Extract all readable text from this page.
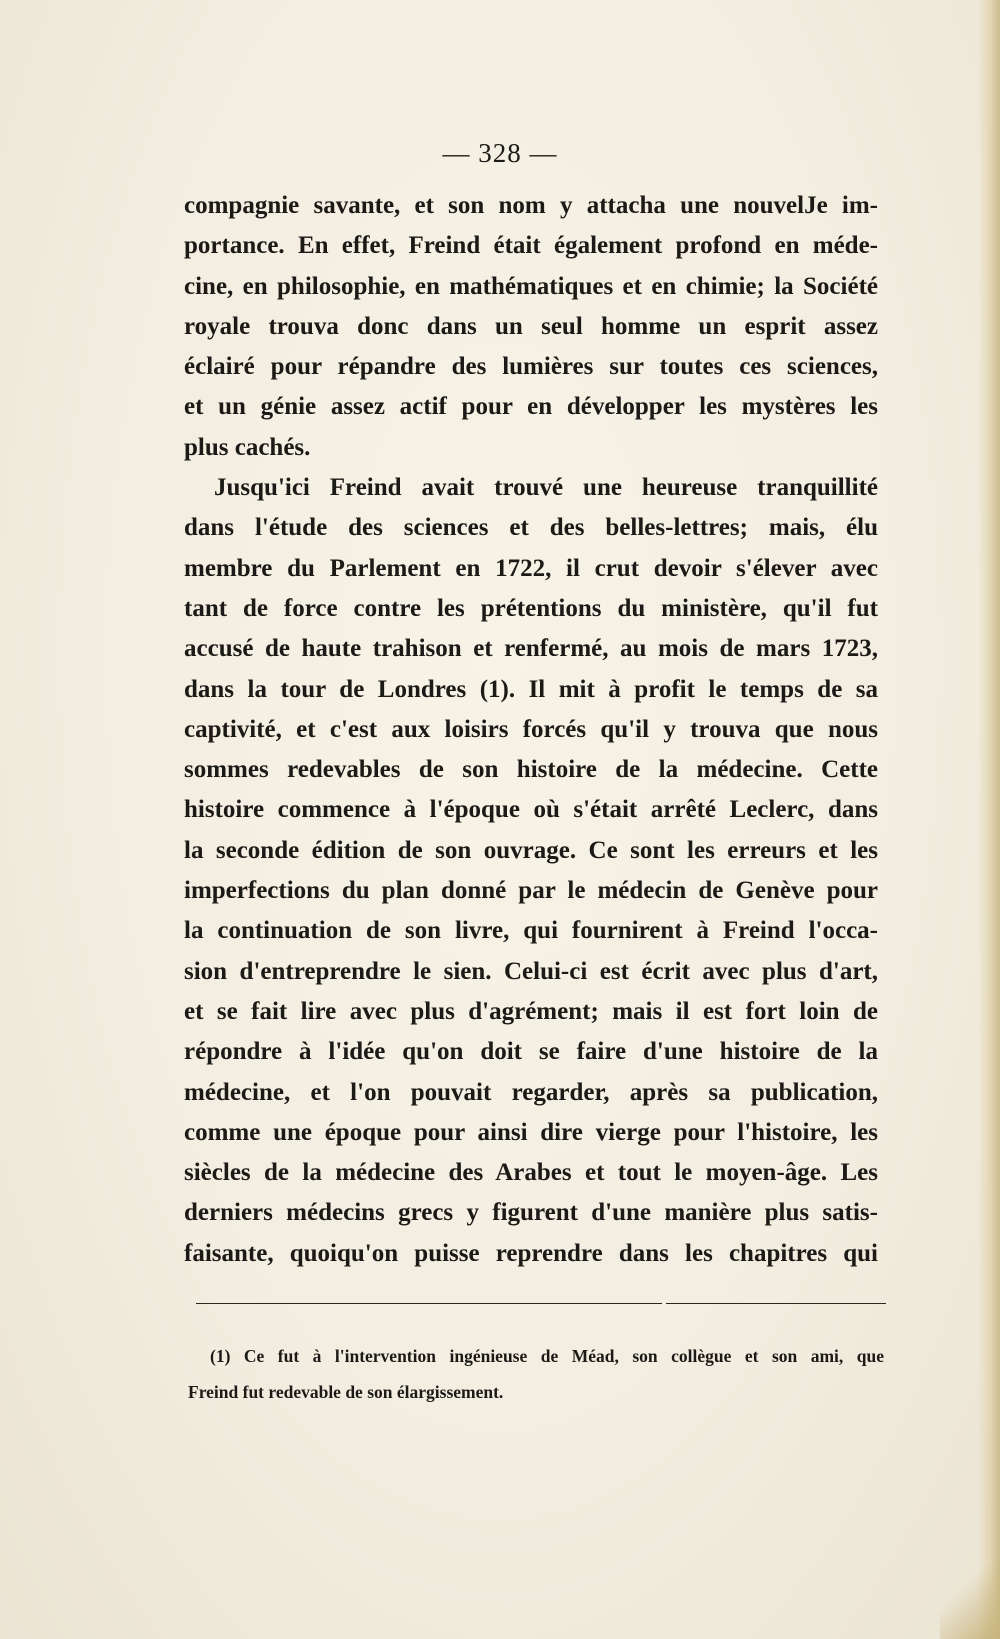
— 328 —
compagnie savante, et son nom y attacha une nouvelJe im-
portance. En effet, Freind était également profond en méde-
cine, en philosophie, en mathématiques et en chimie; la Société
royale trouva donc dans un seul homme un esprit assez
éclairé pour répandre des lumières sur toutes ces sciences,
et un génie assez actif pour en développer les mystères les
plus cachés.
Jusqu'ici Freind avait trouvé une heureuse tranquillité
dans l'étude des sciences et des belles-lettres; mais, élu
membre du Parlement en 1722, il crut devoir s'élever avec
tant de force contre les prétentions du ministère, qu'il fut
accusé de haute trahison et renfermé, au mois de mars 1723,
dans la tour de Londres (1). Il mit à profit le temps de sa
captivité, et c'est aux loisirs forcés qu'il y trouva que nous
sommes redevables de son histoire de la médecine. Cette
histoire commence à l'époque où s'était arrêté Leclerc, dans
la seconde édition de son ouvrage. Ce sont les erreurs et les
imperfections du plan donné par le médecin de Genève pour
la continuation de son livre, qui fournirent à Freind l'occa-
sion d'entreprendre le sien. Celui-ci est écrit avec plus d'art,
et se fait lire avec plus d'agrément; mais il est fort loin de
répondre à l'idée qu'on doit se faire d'une histoire de la
médecine, et l'on pouvait regarder, après sa publication,
comme une époque pour ainsi dire vierge pour l'histoire, les
siècles de la médecine des Arabes et tout le moyen-âge. Les
derniers médecins grecs y figurent d'une manière plus satis-
faisante, quoiqu'on puisse reprendre dans les chapitres qui
(1) Ce fut à l'intervention ingénieuse de Méad, son collègue et son ami, que
Freind fut redevable de son élargissement.
